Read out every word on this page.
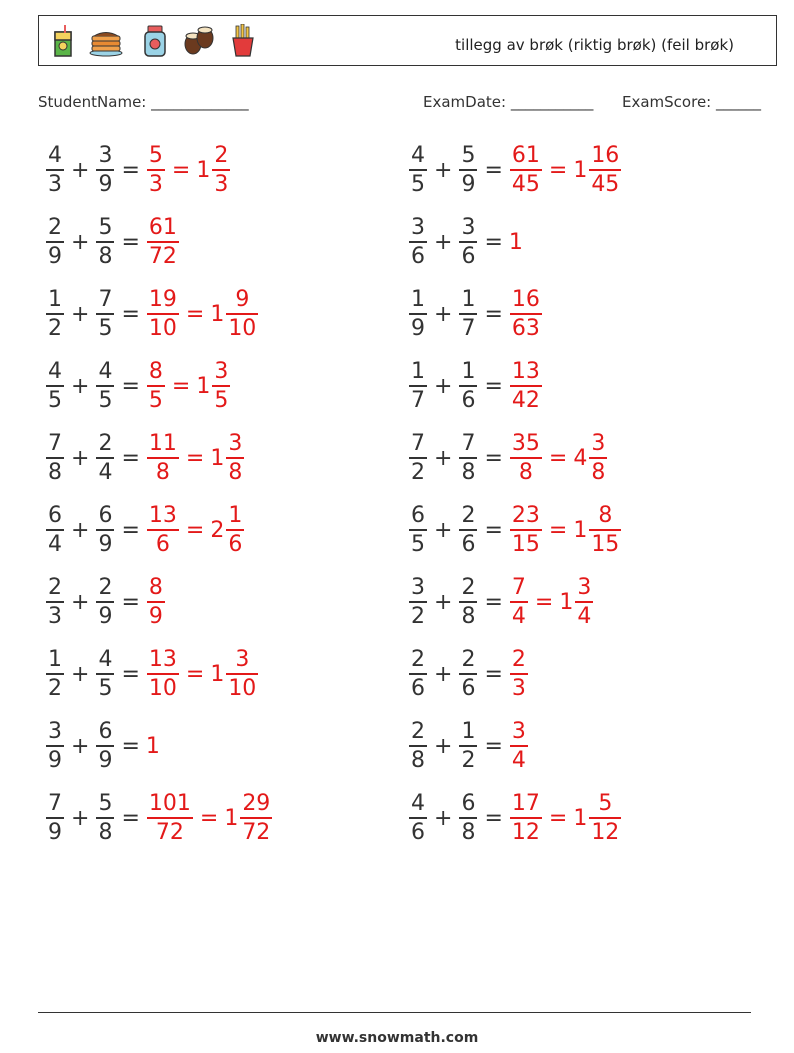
tillegg av brøk (riktig brøk) (feil brøk)
StudentName: _____________	ExamDate: ___________ ExamScore: ______
$\frac{4}{3} + \frac{3}{9} = \frac{5}{3} = 1 \frac{2}{3}$
$\frac{2}{9} + \frac{5}{8} = \frac{61}{72}$
$\frac{1}{2} + \frac{7}{5} = \frac{19}{10} = 1 \frac{9}{10}$
$\frac{4}{5} + \frac{4}{5} = \frac{8}{5} = 1 \frac{3}{5}$
$\frac{7}{8} + \frac{2}{4} = \frac{11}{8} = 1 \frac{3}{8}$
$\frac{6}{4} + \frac{6}{9} = \frac{13}{6} = 2 \frac{1}{6}$
$\frac{2}{3} + \frac{2}{9} = \frac{8}{9}$
$\frac{1}{2} + \frac{4}{5} = \frac{13}{10} = 1 \frac{3}{10}$
$\frac{3}{9} + \frac{6}{9} = 1$
$\frac{7}{9} + \frac{5}{8} = \frac{101}{72} = 1 \frac{29}{72}$
$\frac{4}{5} + \frac{5}{9} = \frac{61}{45} = 1 \frac{16}{45}$
$\frac{3}{6} + \frac{3}{6} = 1$
$\frac{1}{9} + \frac{1}{7} = \frac{16}{63}$
$\frac{1}{7} + \frac{1}{6} = \frac{13}{42}$
$\frac{7}{2} + \frac{7}{8} = \frac{35}{8} = 4 \frac{3}{8}$
$\frac{6}{5} + \frac{2}{6} = \frac{23}{15} = 1 \frac{8}{15}$
$\frac{3}{2} + \frac{2}{8} = \frac{7}{4} = 1 \frac{3}{4}$
$\frac{2}{6} + \frac{2}{6} = \frac{2}{3}$
$\frac{2}{8} + \frac{1}{2} = \frac{3}{4}$
$\frac{4}{6} + \frac{6}{8} = \frac{17}{12} = 1 \frac{5}{12}$
www.snowmath.com
